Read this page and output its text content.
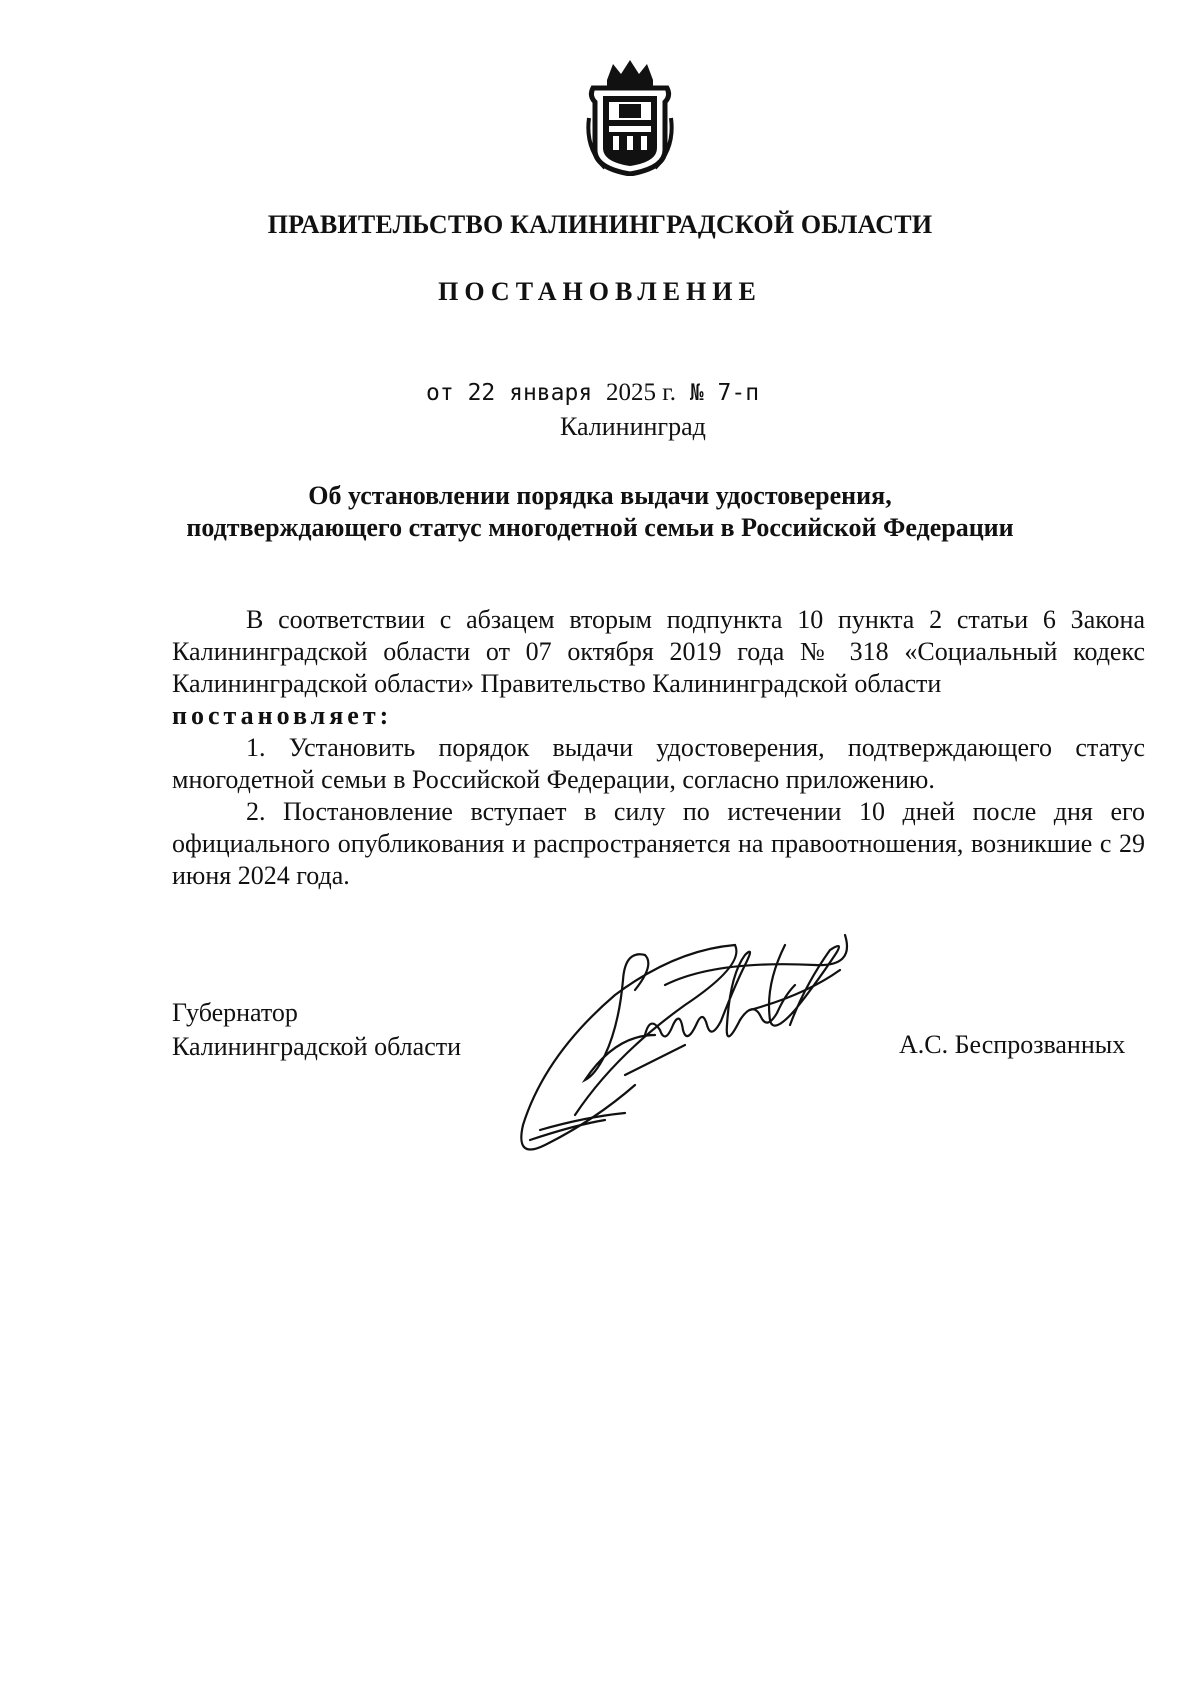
ПРАВИТЕЛЬСТВО КАЛИНИНГРАДСКОЙ ОБЛАСТИ
ПОСТАНОВЛЕНИЕ
от 22 января 2025 г. № 7-п
Калининград
Об установлении порядка выдачи удостоверения,
подтверждающего статус многодетной семьи в Российской Федерации

В соответствии с абзацем вторым подпункта 10 пункта 2 статьи 6 Закона Калининградской области от 07 октября 2019 года № 318 «Социальный кодекс Калининградской области» Правительство Калининградской области

постановляет:

1. Установить порядок выдачи удостоверения, подтверждающего статус многодетной семьи в Российской Федерации, согласно приложению.

2. Постановление вступает в силу по истечении 10 дней после дня его официального опубликования и распространяется на правоотношения, возникшие с 29 июня 2024 года.

Губернатор
Калининградской области	А.С. Беспрозванных
